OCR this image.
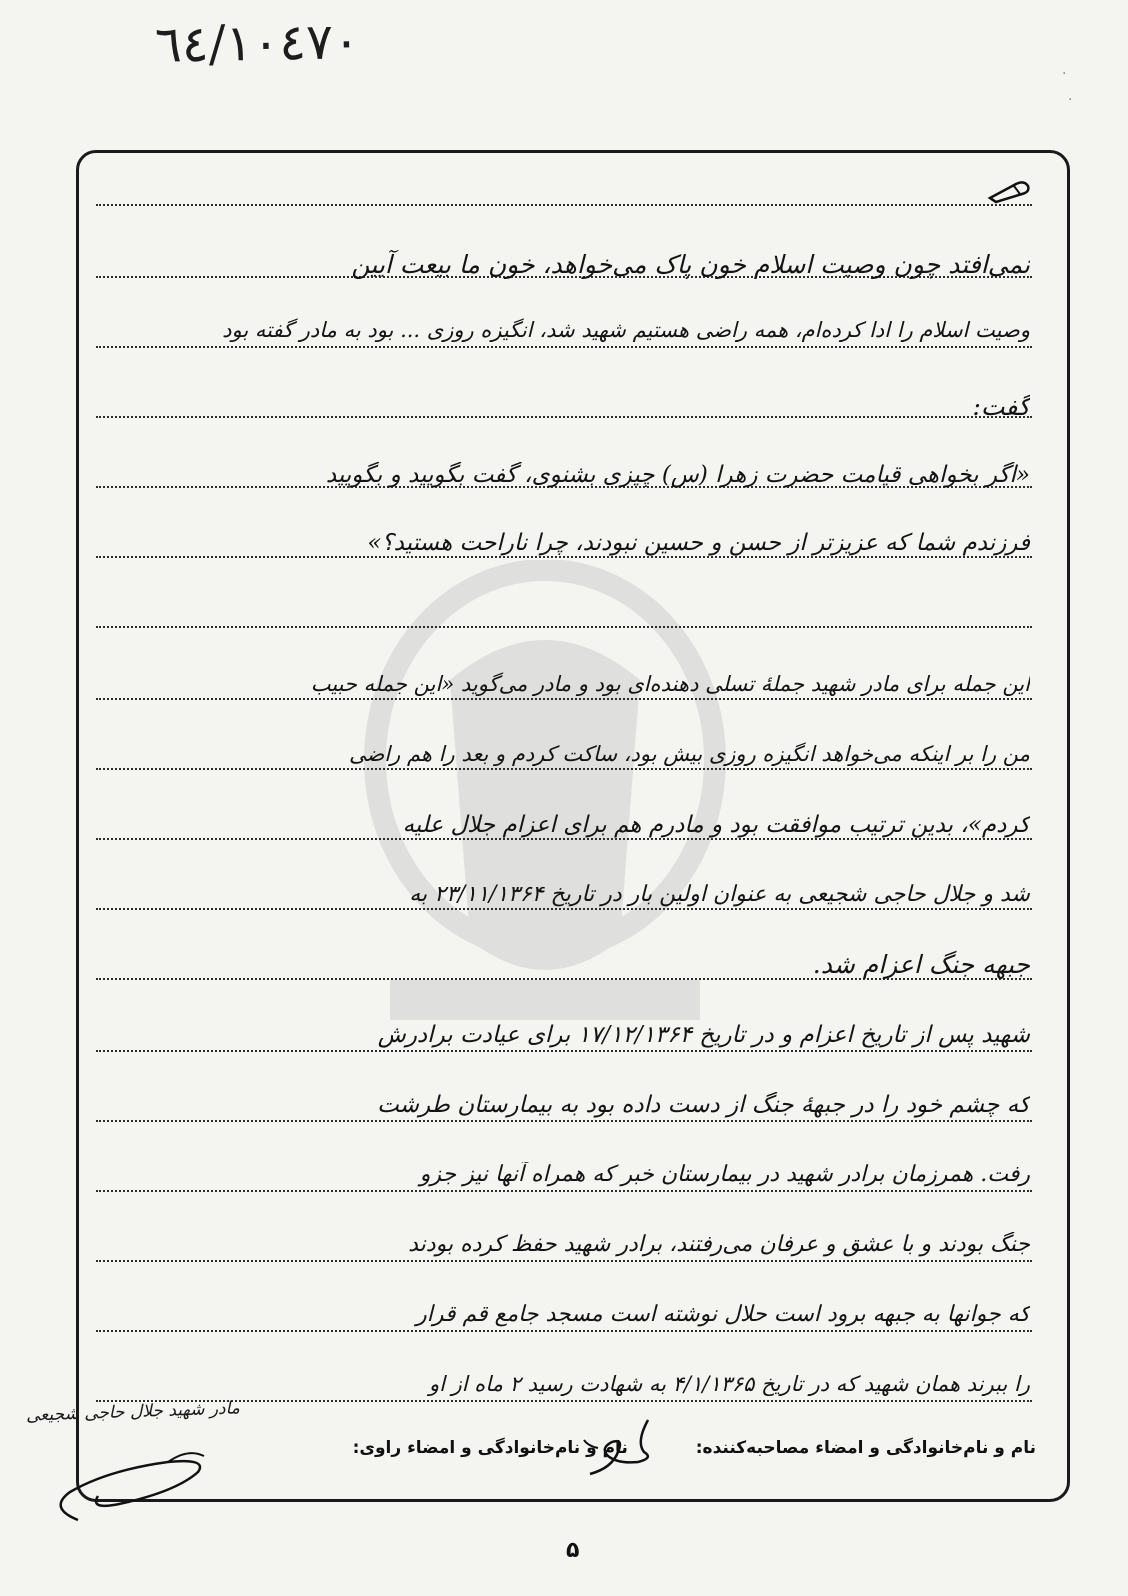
٦٤/١٠٤٧٠
·
·
نمی‌افتد چون وصیت اسلام خون پاک می‌خواهد، خون ما بیعت آیین
وصیت اسلام را ادا کرده‌ام، همه راضی هستیم شهید شد، انگیزه روزی ... بود به مادر گفته بود
گفت:
«اگر بخواهی قیامت حضرت زهرا (س) چیزی بشنوی، گفت بگویید و بگویید
فرزندم شما که عزیزتر از حسن و حسین نبودند، چرا ناراحت هستید؟»
این جمله برای مادر شهید جملهٔ تسلی دهنده‌ای بود و مادر می‌گوید «این جمله حبیب
من را بر اینکه می‌خواهد انگیزه روزی بیش بود، ساکت کردم و بعد را هم راضی
کردم»، بدین ترتیب موافقت بود و مادرم هم برای اعزام جلال علیه
شد و جلال حاجی شجیعی به عنوان اولین بار در تاریخ ۲۳/۱۱/۱۳۶۴ به
جبهه جنگ اعزام شد.
شهید پس از تاریخ اعزام و در تاریخ ۱۷/۱۲/۱۳۶۴ برای عیادت برادرش
که چشم خود را در جبههٔ جنگ از دست داده بود به بیمارستان طرشت
رفت. همرزمان برادر شهید در بیمارستان خبر که همراه آنها نیز جزو
جنگ بودند و با عشق و عرفان می‌رفتند، برادر شهید حفظ کرده بودند
که جوانها به جبهه برود است حلال نوشته است مسجد جامع قم قرار
را ببرند همان شهید که در تاریخ ۴/۱/۱۳۶۵ به شهادت رسید ۲ ماه از او
نام و نام‌خانوادگی و امضاء مصاحبه‌کننده: نام و نام‌خانوادگی و امضاء راوی:
مادر شهید جلال حاجی شجیعی
۵
